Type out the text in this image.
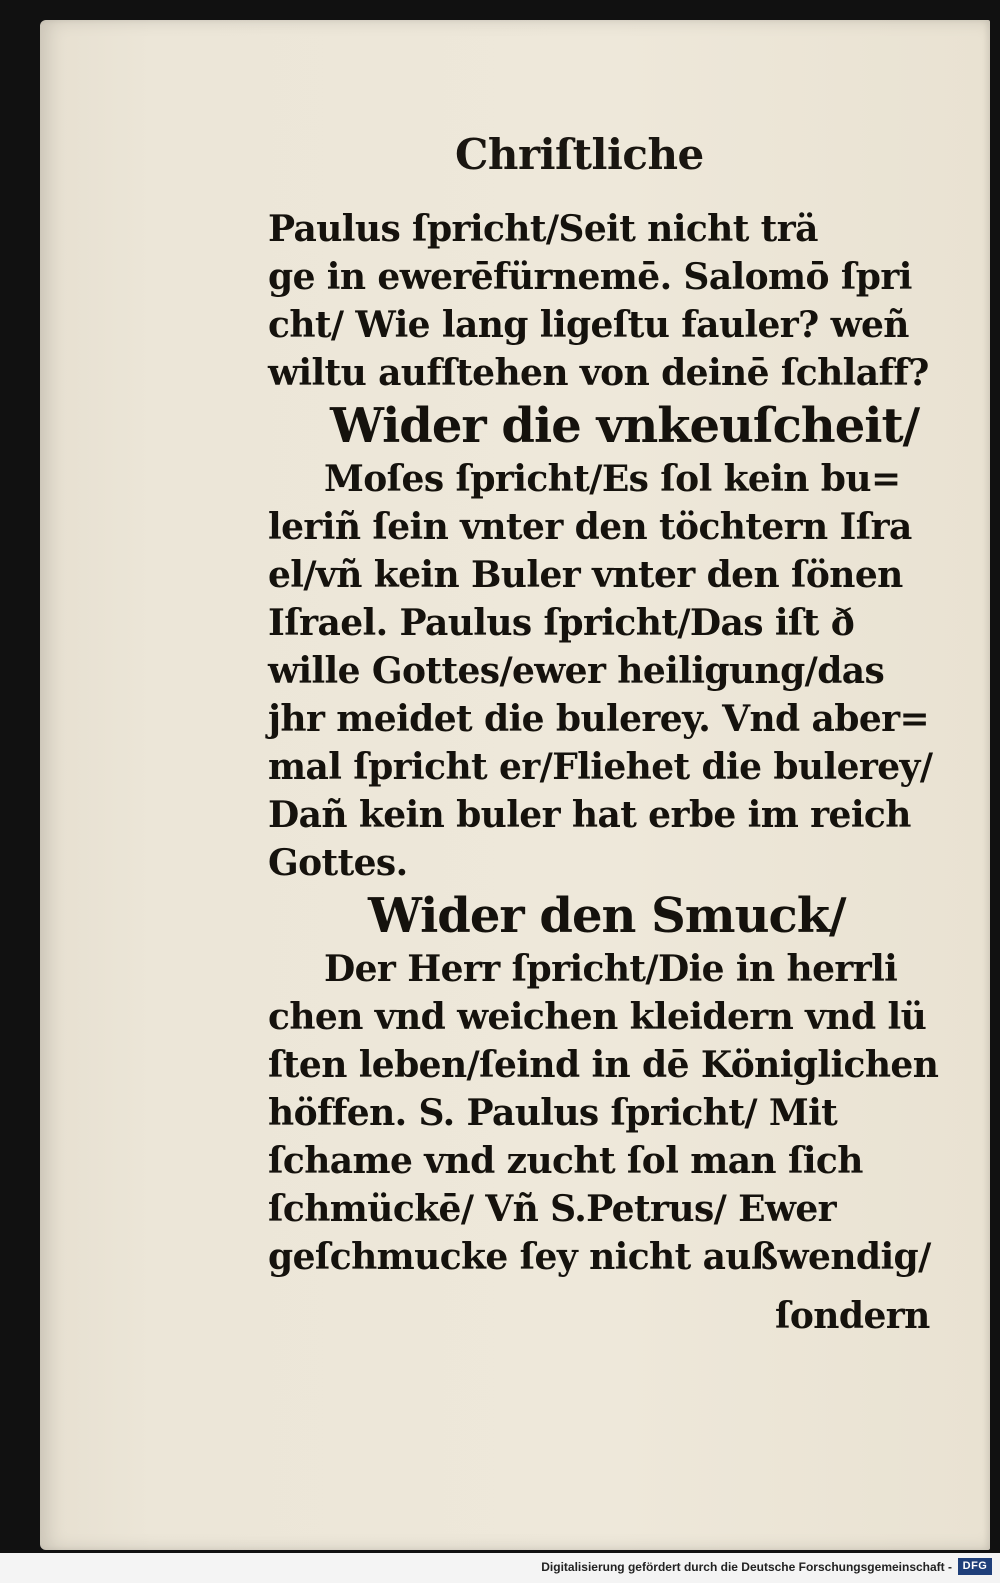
Chriſtliche
Paulus ſpricht/Seit nicht trä
ge in ewerēfürnemē. Salomō ſpri
cht/ Wie lang ligeſtu fauler? weñ
wiltu aufſtehen von deinē ſchlaff?
Wider die vnkeuſcheit/
Moſes ſpricht/Es ſol kein bu=
leriñ ſein vnter den töchtern Iſra
el/vñ kein Buler vnter den ſönen
Iſrael. Paulus ſpricht/Das iſt ð
wille Gottes/ewer heiligung/das
jhr meidet die bulerey. Vnd aber=
mal ſpricht er/Fliehet die bulerey/
Dañ kein buler hat erbe im reich
Gottes.
Wider den Smuck/
Der Herr ſpricht/Die in herrli
chen vnd weichen kleidern vnd lü
ſten leben/ſeind in dē Königlichen
höffen. S. Paulus ſpricht/ Mit
ſchame vnd zucht ſol man ſich
ſchmückē/ Vñ S.Petrus/ Ewer
geſchmucke ſey nicht außwendig/
ſondern
Digitalisierung gefördert durch die Deutsche Forschungsgemeinschaft - DFG
